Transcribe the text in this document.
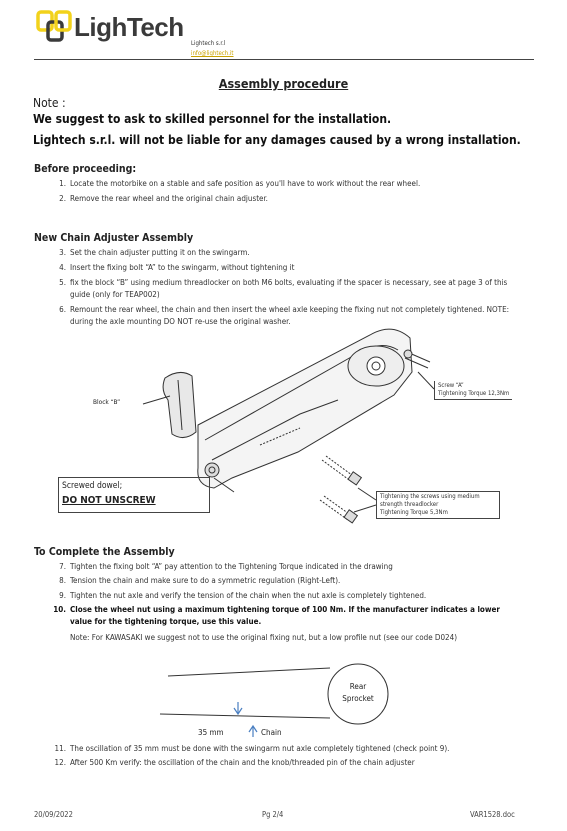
LighTech
Lightech s.r.l
info@lightech.it
Assembly procedure
Note :
We suggest to ask to skilled personnel for the installation.
Lightech s.r.l. will not be liable for any damages caused by a wrong installation.
Before proceeding:
1. Locate the motorbike on a stable and safe position as you'll have to work without the rear wheel.
2. Remove the rear wheel and the original chain adjuster.
New Chain Adjuster Assembly
3. Set the chain adjuster putting it on the swingarm.
4. Insert the fixing bolt “A” to the swingarm, without tightening it
5. fix the block “B” using medium threadlocker on both M6 bolts, evaluating if the spacer is necessary, see at page 3 of this guide (only for TEAP002)
6. Remount the rear wheel, the chain and then insert the wheel axle keeping the fixing nut not completely tightened. NOTE: during the axle mounting DO NOT re-use the original washer.
Block “B”
Screw “A”
Tightening Torque 12,3Nm
Screwed dowel;
DO NOT UNSCREW	Tightening the screws using medium
strength threadlocker
Tightening Torque 5,3Nm
To Complete the Assembly
7. Tighten the fixing bolt “A” pay attention to the Tightening Torque indicated in the drawing
8. Tension the chain and make sure to do a symmetric regulation (Right-Left).
9. Tighten the nut axle and verify the tension of the chain when the nut axle is completely tightened.
10. Close the wheel nut using a maximum tightening torque of 100 Nm. If the manufacturer indicates a lower value for the tightening torque, use this value.
Note: For KAWASAKI we suggest not to use the original fixing nut, but a low profile nut (see our code D024)
Rear
Sprocket
35 mm	Chain
11. The oscillation of 35 mm must be done with the swingarm nut axle completely tightened (check point 9).
12. After 500 Km verify: the oscillation of the chain and the knob/threaded pin of the chain adjuster
20/09/2022	Pg 2/4	VAR1528.doc
